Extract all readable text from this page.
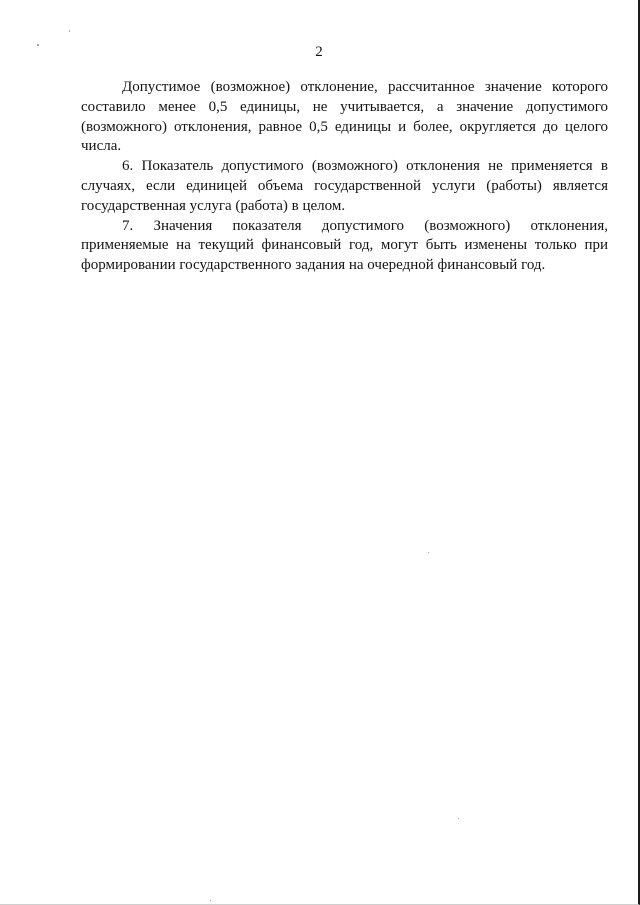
2

Допустимое (возможное) отклонение, рассчитанное значение которого составило менее 0,5 единицы, не учитывается, а значение допустимого (возможного) отклонения, равное 0,5 единицы и более, округляется до целого числа.

6. Показатель допустимого (возможного) отклонения не применяется в случаях, если единицей объема государственной услуги (работы) является государственная услуга (работа) в целом.

7. Значения показателя допустимого (возможного) отклонения, применяемые на текущий финансовый год, могут быть изменены только при формировании государственного задания на очередной финансовый год.
